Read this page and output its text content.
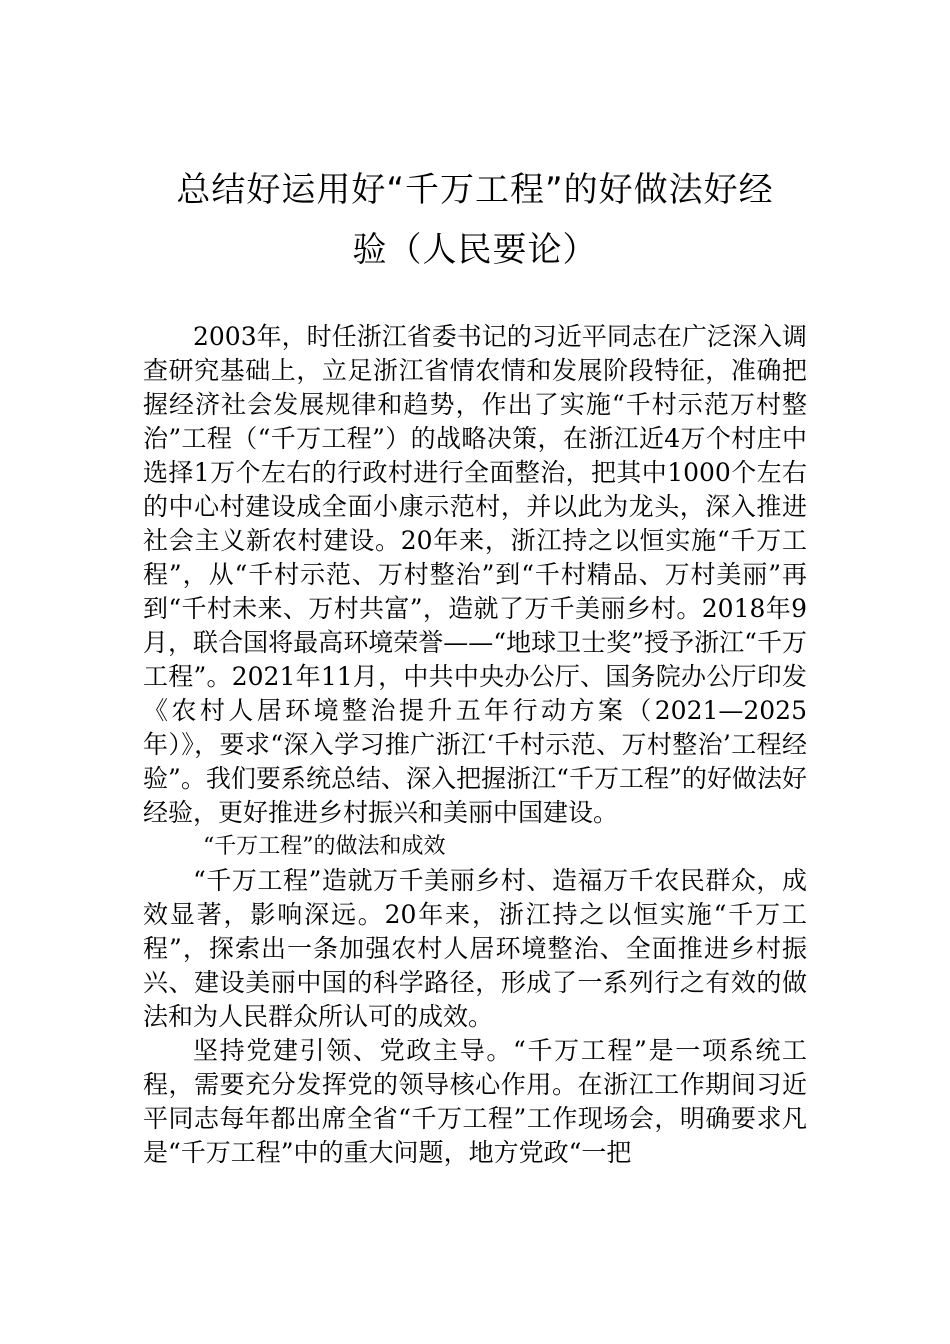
总结好运用好“千万工程”的好做法好经
验（人民要论）

2003年，时任浙江省委书记的习近平同志在广泛深入调查研究基础上，立足浙江省情农情和发展阶段特征，准确把握经济社会发展规律和趋势，作出了实施“千村示范万村整治”工程（“千万工程”）的战略决策，在浙江近4万个村庄中选择1万个左右的行政村进行全面整治，把其中1000个左右的中心村建设成全面小康示范村，并以此为龙头，深入推进社会主义新农村建设。20年来，浙江持之以恒实施“千万工程”，从“千村示范、万村整治”到“千村精品、万村美丽”再到“千村未来、万村共富”，造就了万千美丽乡村。2018年9月，联合国将最高环境荣誉——“地球卫士奖”授予浙江“千万工程”。2021年11月，中共中央办公厅、国务院办公厅印发《农村人居环境整治提升五年行动方案（2021—2025年）》，要求“深入学习推广浙江‘千村示范、万村整治’工程经验”。我们要系统总结、深入把握浙江“千万工程”的好做法好经验，更好推进乡村振兴和美丽中国建设。

“千万工程”的做法和成效

“千万工程”造就万千美丽乡村、造福万千农民群众，成效显著，影响深远。20年来，浙江持之以恒实施“千万工程”，探索出一条加强农村人居环境整治、全面推进乡村振兴、建设美丽中国的科学路径，形成了一系列行之有效的做法和为人民群众所认可的成效。

坚持党建引领、党政主导。“千万工程”是一项系统工程，需要充分发挥党的领导核心作用。在浙江工作期间习近平同志每年都出席全省“千万工程”工作现场会，明确要求凡是“千万工程”中的重大问题，地方党政“一把
